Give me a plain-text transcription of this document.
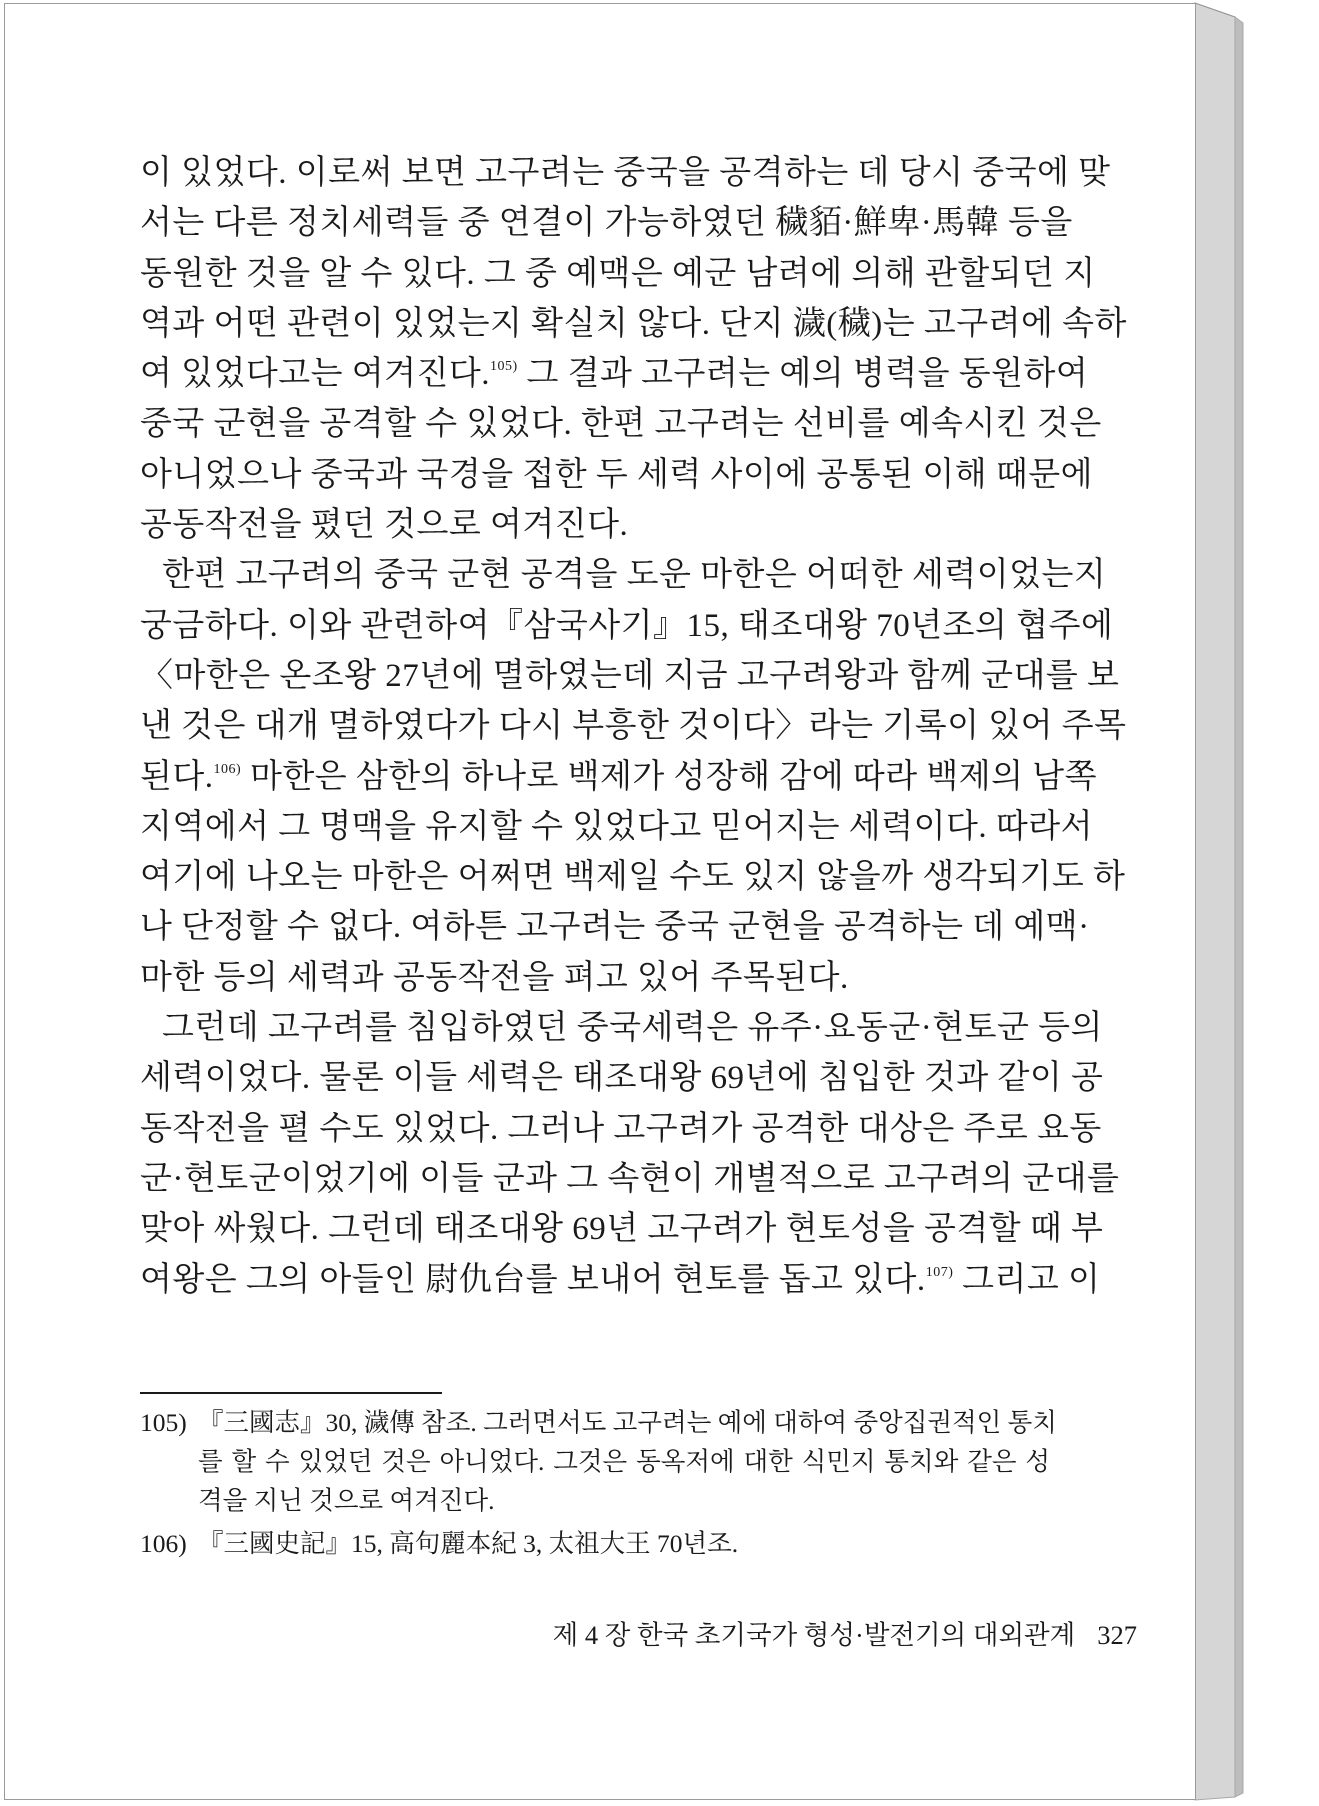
이 있었다. 이로써 보면 고구려는 중국을 공격하는 데 당시 중국에 맞
서는 다른 정치세력들 중 연결이 가능하였던 穢貊·鮮卑·馬韓 등을
동원한 것을 알 수 있다. 그 중 예맥은 예군 남려에 의해 관할되던 지
역과 어떤 관련이 있었는지 확실치 않다. 단지 濊(穢)는 고구려에 속하
여 있었다고는 여겨진다.$^{105)}$ 그 결과 고구려는 예의 병력을 동원하여
중국 군현을 공격할 수 있었다. 한편 고구려는 선비를 예속시킨 것은
아니었으나 중국과 국경을 접한 두 세력 사이에 공통된 이해 때문에
공동작전을 폈던 것으로 여겨진다.
한편 고구려의 중국 군현 공격을 도운 마한은 어떠한 세력이었는지
궁금하다. 이와 관련하여『삼국사기』15, 태조대왕 70년조의 협주에
〈마한은 온조왕 27년에 멸하였는데 지금 고구려왕과 함께 군대를 보
낸 것은 대개 멸하였다가 다시 부흥한 것이다〉라는 기록이 있어 주목
된다.$^{106)}$ 마한은 삼한의 하나로 백제가 성장해 감에 따라 백제의 남쪽
지역에서 그 명맥을 유지할 수 있었다고 믿어지는 세력이다. 따라서
여기에 나오는 마한은 어쩌면 백제일 수도 있지 않을까 생각되기도 하
나 단정할 수 없다. 여하튼 고구려는 중국 군현을 공격하는 데 예맥·
마한 등의 세력과 공동작전을 펴고 있어 주목된다.
그런데 고구려를 침입하였던 중국세력은 유주·요동군·현토군 등의
세력이었다. 물론 이들 세력은 태조대왕 69년에 침입한 것과 같이 공
동작전을 펼 수도 있었다. 그러나 고구려가 공격한 대상은 주로 요동
군·현토군이었기에 이들 군과 그 속현이 개별적으로 고구려의 군대를
맞아 싸웠다. 그런데 태조대왕 69년 고구려가 현토성을 공격할 때 부
여왕은 그의 아들인 尉仇台를 보내어 현토를 돕고 있다.$^{107)}$ 그리고 이
105) 『三國志』30, 濊傳 참조. 그러면서도 고구려는 예에 대하여 중앙집권적인 통치
를 할 수 있었던 것은 아니었다. 그것은 동옥저에 대한 식민지 통치와 같은 성
격을 지닌 것으로 여겨진다.
106) 『三國史記』15, 高句麗本紀 3, 太祖大王 70년조.
제 4 장 한국 초기국가 형성·발전기의 대외관계 327
